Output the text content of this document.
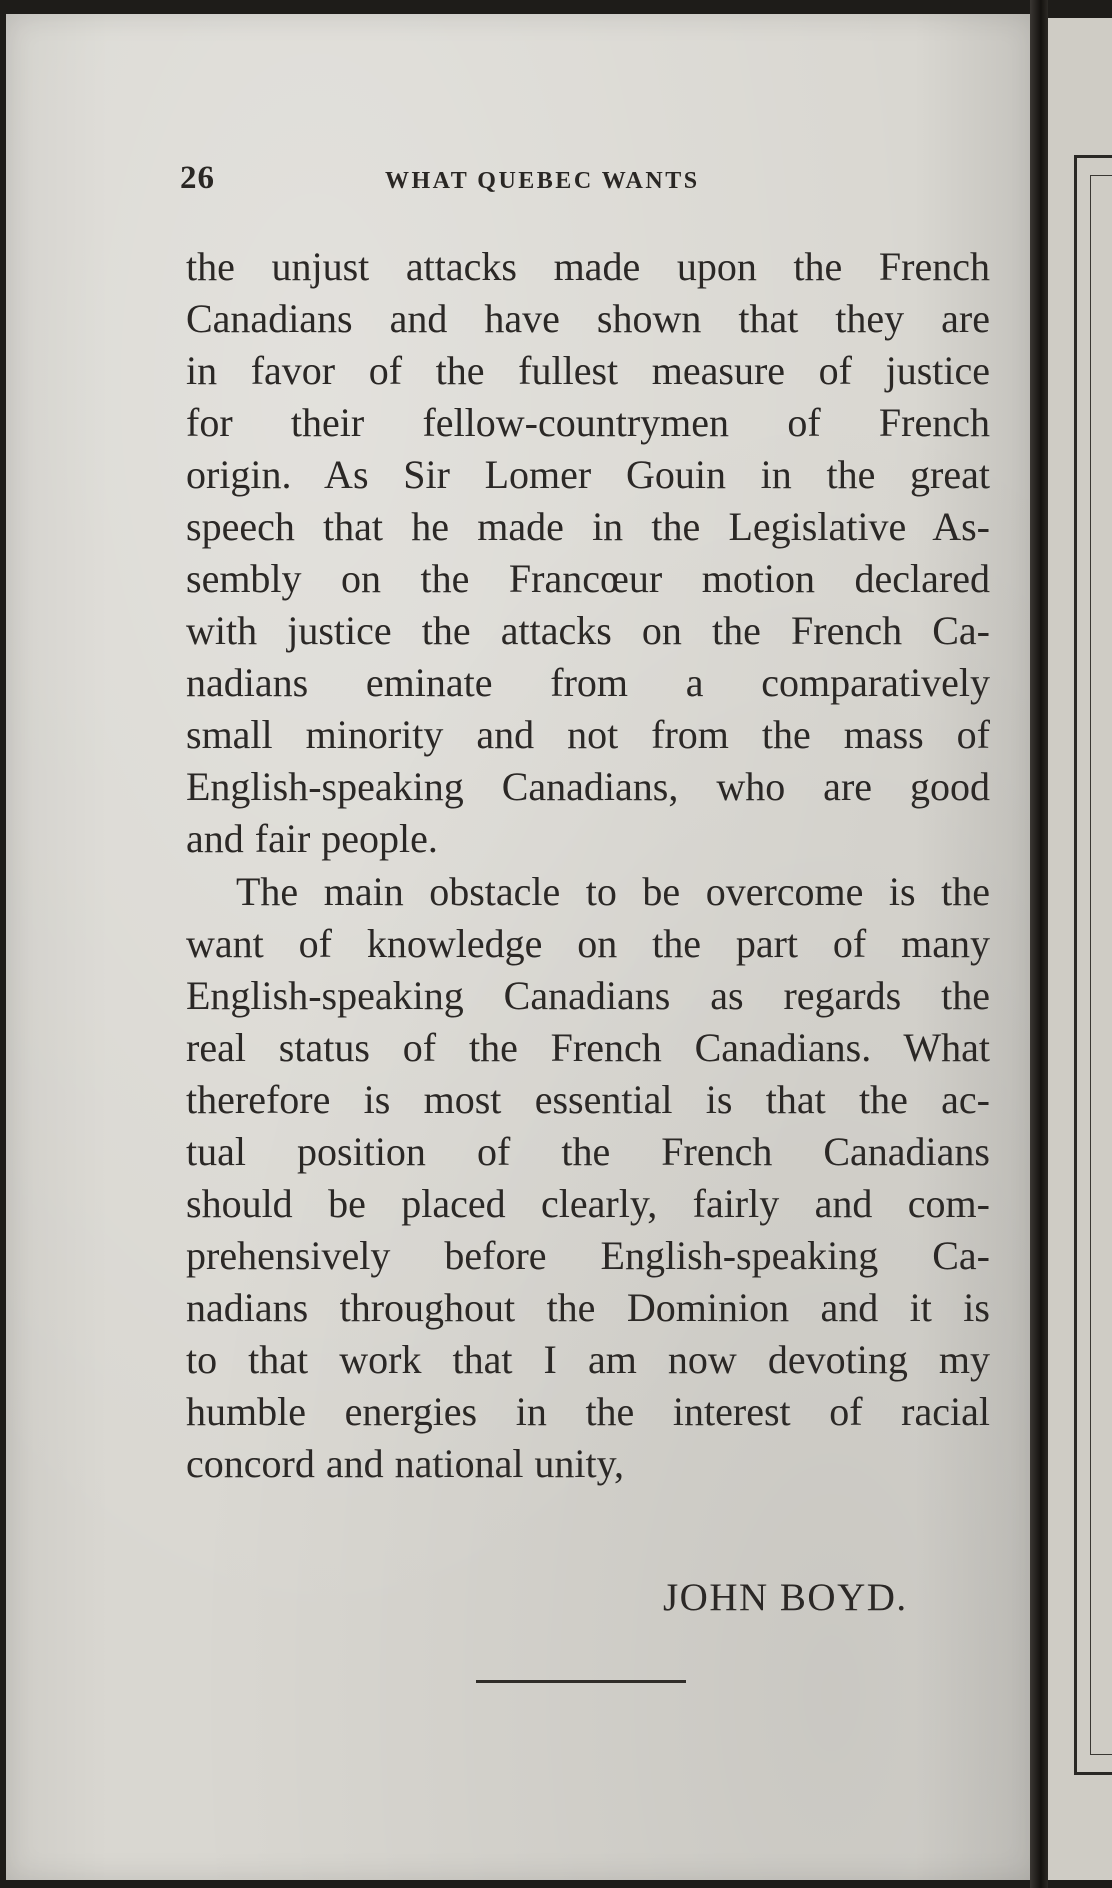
26	WHAT QUEBEC WANTS
the unjust attacks made upon the French
Canadians and have shown that they are
in favor of the fullest measure of justice
for their fellow-countrymen of French
origin. As Sir Lomer Gouin in the great
speech that he made in the Legislative As-
sembly on the Francœur motion declared
with justice the attacks on the French Ca-
nadians eminate from a comparatively
small minority and not from the mass of
English-speaking Canadians, who are good
and fair people.
The main obstacle to be overcome is the
want of knowledge on the part of many
English-speaking Canadians as regards the
real status of the French Canadians. What
therefore is most essential is that the ac-
tual position of the French Canadians
should be placed clearly, fairly and com-
prehensively before English-speaking Ca-
nadians throughout the Dominion and it is
to that work that I am now devoting my
humble energies in the interest of racial
concord and national unity,
JOHN BOYD.
